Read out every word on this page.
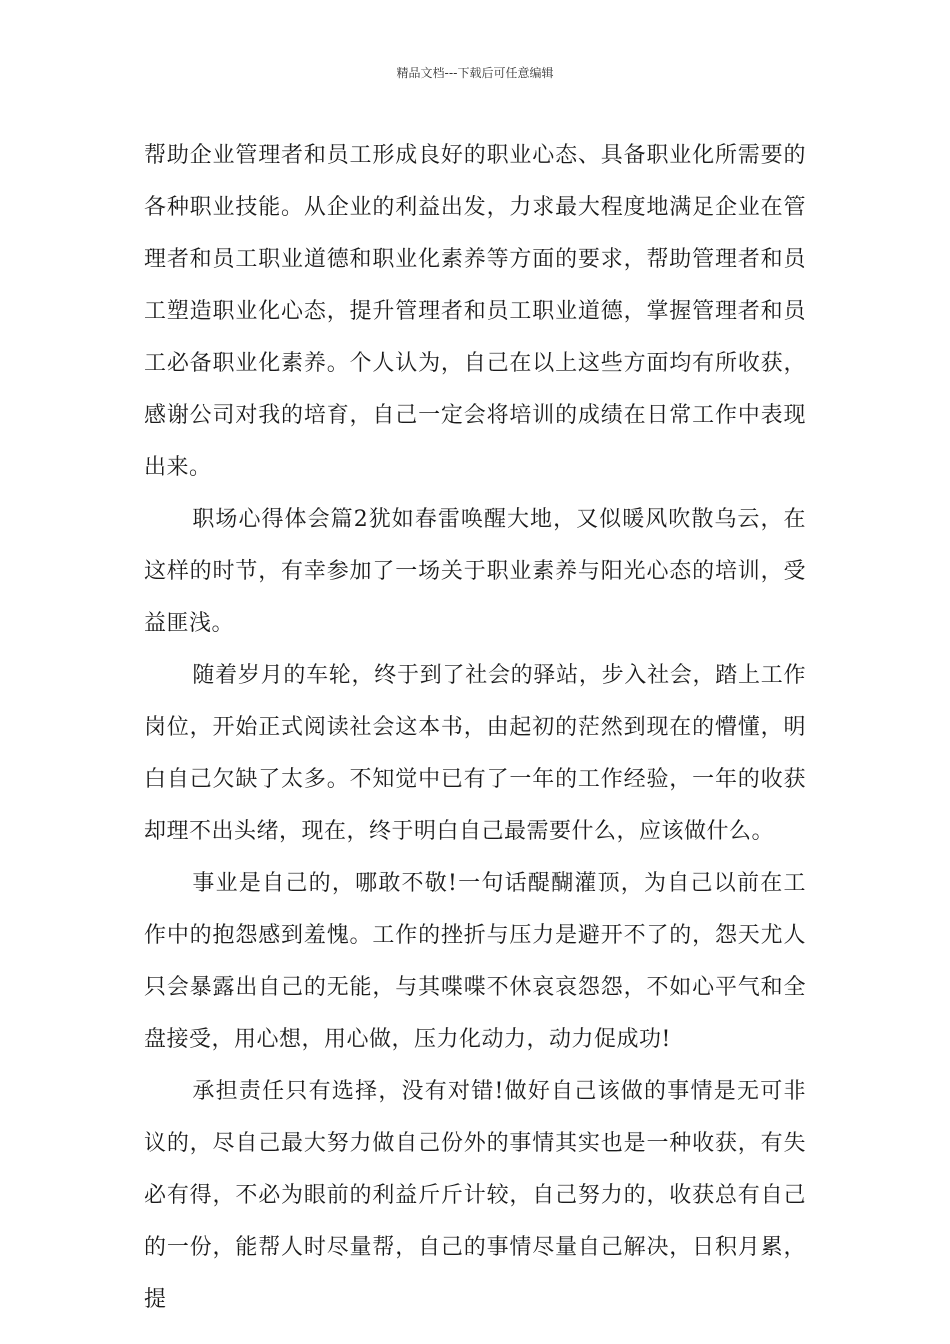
精品文档---下载后可任意编辑

帮助企业管理者和员工形成良好的职业心态、具备职业化所需要的各种职业技能。从企业的利益出发，力求最大程度地满足企业在管理者和员工职业道德和职业化素养等方面的要求，帮助管理者和员工塑造职业化心态，提升管理者和员工职业道德，掌握管理者和员工必备职业化素养。个人认为，自己在以上这些方面均有所收获，感谢公司对我的培育，自己一定会将培训的成绩在日常工作中表现出来。

职场心得体会篇2犹如春雷唤醒大地，又似暖风吹散乌云，在这样的时节，有幸参加了一场关于职业素养与阳光心态的培训，受益匪浅。

随着岁月的车轮，终于到了社会的驿站，步入社会，踏上工作岗位，开始正式阅读社会这本书，由起初的茫然到现在的懵懂，明白自己欠缺了太多。不知觉中已有了一年的工作经验，一年的收获却理不出头绪，现在，终于明白自己最需要什么，应该做什么。

事业是自己的，哪敢不敬!一句话醍醐灌顶，为自己以前在工作中的抱怨感到羞愧。工作的挫折与压力是避开不了的，怨天尤人只会暴露出自己的无能，与其喋喋不休哀哀怨怨，不如心平气和全盘接受，用心想，用心做，压力化动力，动力促成功!

承担责任只有选择，没有对错!做好自己该做的事情是无可非议的，尽自己最大努力做自己份外的事情其实也是一种收获，有失必有得，不必为眼前的利益斤斤计较，自己努力的，收获总有自己的一份，能帮人时尽量帮，自己的事情尽量自己解决，日积月累，提
